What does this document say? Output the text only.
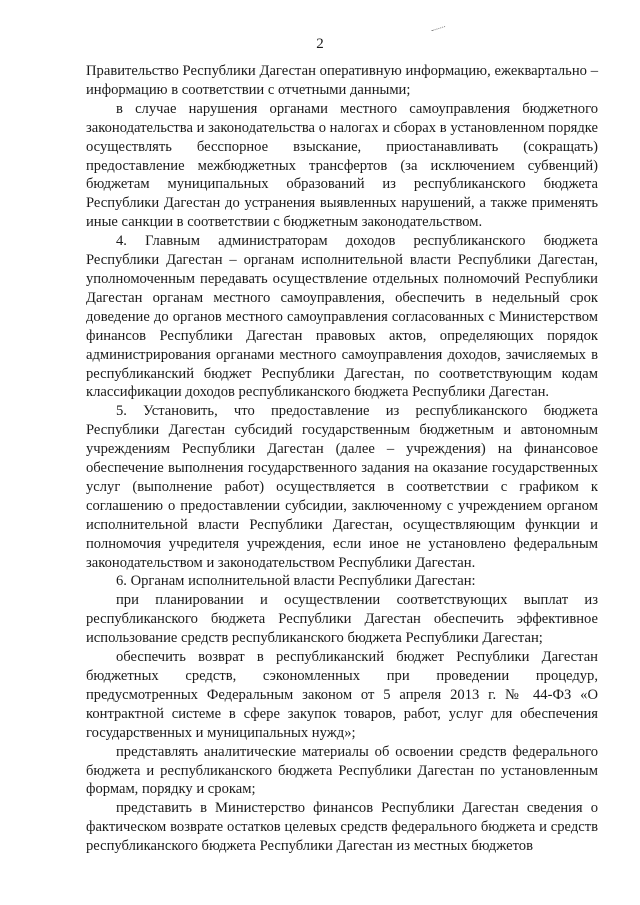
2

Правительство Республики Дагестан оперативную информацию, ежеквартально – информацию в соответствии с отчетными данными;

в случае нарушения органами местного самоуправления бюджетного законодательства и законодательства о налогах и сборах в установленном порядке осуществлять бесспорное взыскание, приостанавливать (сокращать) предоставление межбюджетных трансфертов (за исключением субвенций) бюджетам муниципальных образований из республиканского бюджета Республики Дагестан до устранения выявленных нарушений, а также применять иные санкции в соответствии с бюджетным законодательством.

4. Главным администраторам доходов республиканского бюджета Республики Дагестан – органам исполнительной власти Республики Дагестан, уполномоченным передавать осуществление отдельных полномочий Республики Дагестан органам местного самоуправления, обеспечить в недельный срок доведение до органов местного самоуправления согласованных с Министерством финансов Республики Дагестан правовых актов, определяющих порядок администрирования органами местного самоуправления доходов, зачисляемых в республиканский бюджет Республики Дагестан, по соответствующим кодам классификации доходов республиканского бюджета Республики Дагестан.

5. Установить, что предоставление из республиканского бюджета Республики Дагестан субсидий государственным бюджетным и автономным учреждениям Республики Дагестан (далее – учреждения) на финансовое обеспечение выполнения государственного задания на оказание государственных услуг (выполнение работ) осуществляется в соответствии с графиком к соглашению о предоставлении субсидии, заключенному с учреждением органом исполнительной власти Республики Дагестан, осуществляющим функции и полномочия учредителя учреждения, если иное не установлено федеральным законодательством и законодательством Республики Дагестан.

6. Органам исполнительной власти Республики Дагестан:

при планировании и осуществлении соответствующих выплат из республиканского бюджета Республики Дагестан обеспечить эффективное использование средств республиканского бюджета Республики Дагестан;

обеспечить возврат в республиканский бюджет Республики Дагестан бюджетных средств, сэкономленных при проведении процедур, предусмотренных Федеральным законом от 5 апреля 2013 г. № 44-ФЗ «О контрактной системе в сфере закупок товаров, работ, услуг для обеспечения государственных и муниципальных нужд»;

представлять аналитические материалы об освоении средств федерального бюджета и республиканского бюджета Республики Дагестан по установленным формам, порядку и срокам;

представить в Министерство финансов Республики Дагестан сведения о фактическом возврате остатков целевых средств федерального бюджета и средств республиканского бюджета Республики Дагестан из местных бюджетов
